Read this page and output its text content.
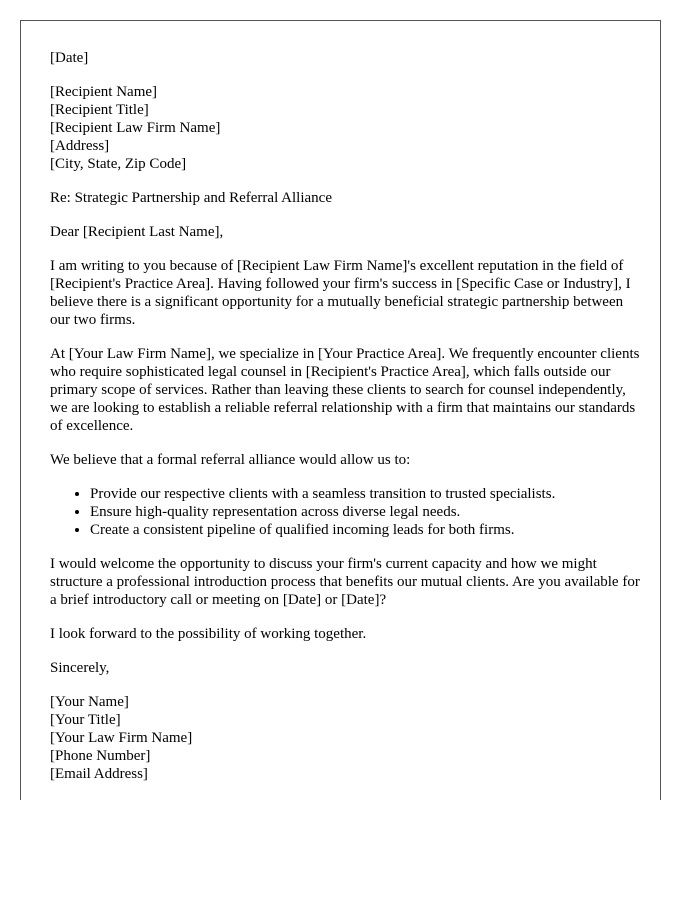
[Date]

[Recipient Name]
[Recipient Title]
[Recipient Law Firm Name]
[Address]
[City, State, Zip Code]

Re: Strategic Partnership and Referral Alliance

Dear [Recipient Last Name],

I am writing to you because of [Recipient Law Firm Name]'s excellent reputation in the field of [Recipient's Practice Area]. Having followed your firm's success in [Specific Case or Industry], I believe there is a significant opportunity for a mutually beneficial strategic partnership between our two firms.

At [Your Law Firm Name], we specialize in [Your Practice Area]. We frequently encounter clients who require sophisticated legal counsel in [Recipient's Practice Area], which falls outside our primary scope of services. Rather than leaving these clients to search for counsel independently, we are looking to establish a reliable referral relationship with a firm that maintains our standards of excellence.

We believe that a formal referral alliance would allow us to:

• Provide our respective clients with a seamless transition to trusted specialists.
• Ensure high-quality representation across diverse legal needs.
• Create a consistent pipeline of qualified incoming leads for both firms.

I would welcome the opportunity to discuss your firm's current capacity and how we might structure a professional introduction process that benefits our mutual clients. Are you available for a brief introductory call or meeting on [Date] or [Date]?

I look forward to the possibility of working together.

Sincerely,

[Your Name]
[Your Title]
[Your Law Firm Name]
[Phone Number]
[Email Address]
